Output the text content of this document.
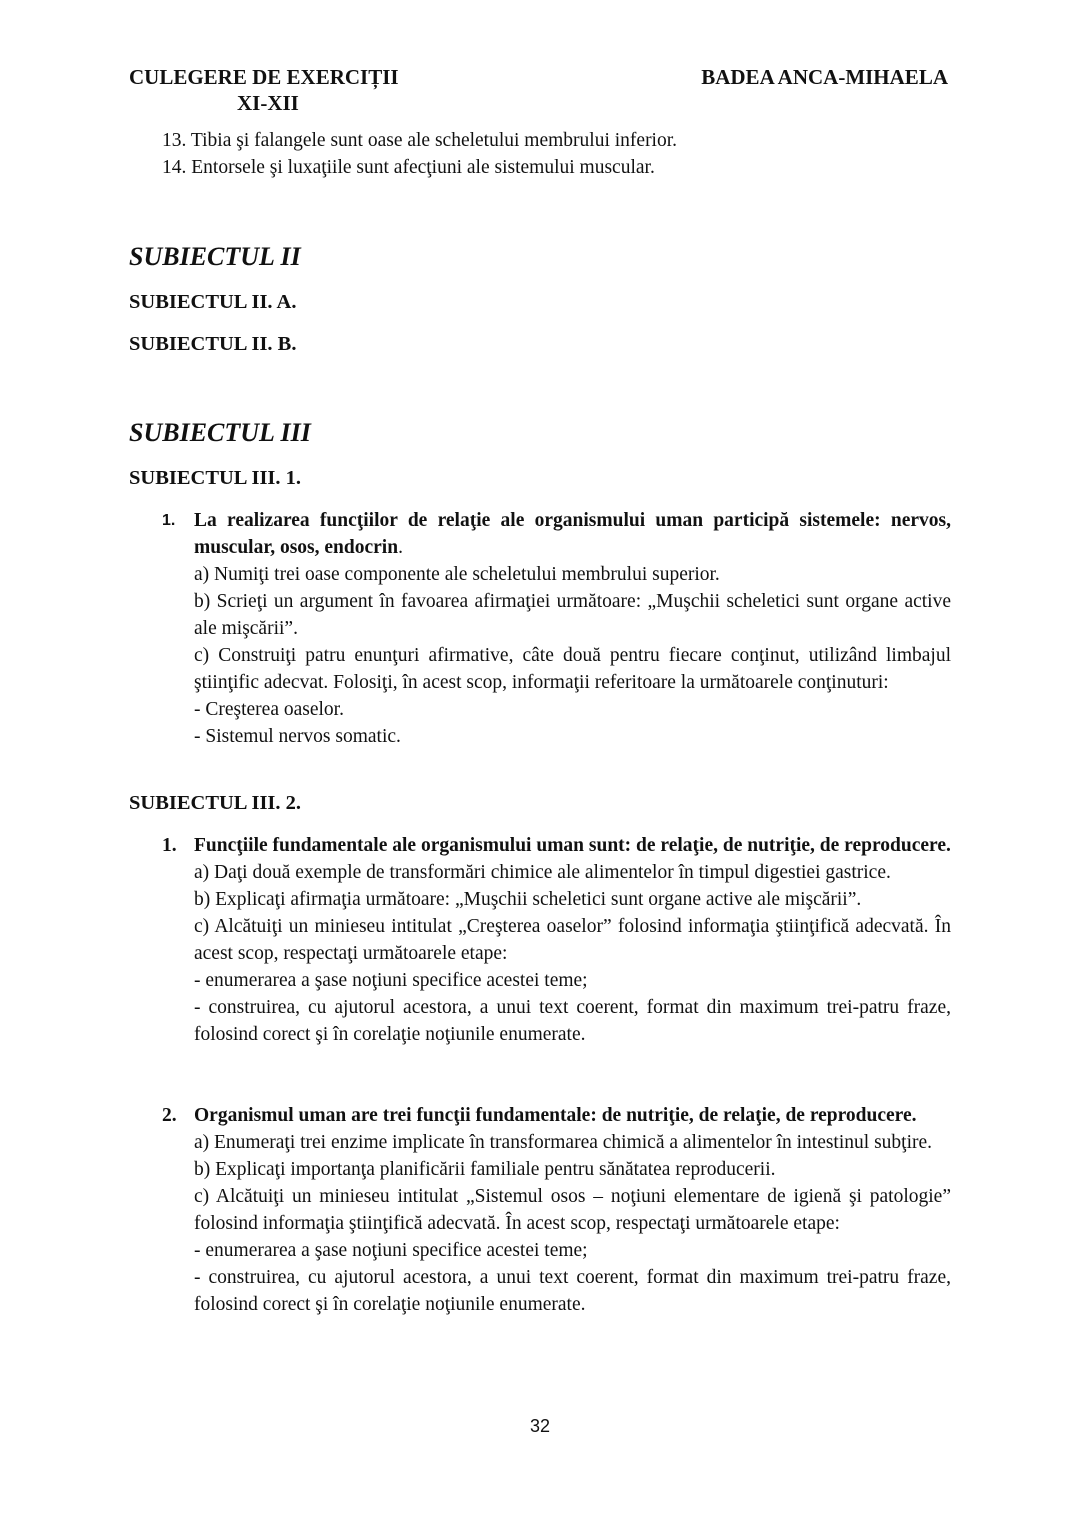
CULEGERE DE EXERCIȚII
XI-XII
BADEA ANCA-MIHAELA
13. Tibia şi falangele sunt oase ale scheletului membrului inferior.
14. Entorsele şi luxaţiile sunt afecţiuni ale sistemului muscular.
SUBIECTUL II
SUBIECTUL II. A.
SUBIECTUL II. B.
SUBIECTUL III
SUBIECTUL III. 1.
1. La realizarea funcţiilor de relaţie ale organismului uman participă sistemele: nervos, muscular, osos, endocrin.
a) Numiţi trei oase componente ale scheletului membrului superior.
b) Scrieţi un argument în favoarea afirmaţiei următoare: „Muşchii scheletici sunt organe active ale mişcării”.
c) Construiţi patru enunţuri afirmative, câte două pentru fiecare conţinut, utilizând limbajul ştiinţific adecvat. Folosiţi, în acest scop, informaţii referitoare la următoarele conţinuturi:
- Creşterea oaselor.
- Sistemul nervos somatic.
SUBIECTUL III. 2.
1. Funcţiile fundamentale ale organismului uman sunt: de relaţie, de nutriţie, de reproducere.
a) Daţi două exemple de transformări chimice ale alimentelor în timpul digestiei gastrice.
b) Explicaţi afirmaţia următoare: „Muşchii scheletici sunt organe active ale mişcării”.
c) Alcătuiţi un minieseu intitulat „Creşterea oaselor” folosind informaţia ştiinţifică adecvată. În acest scop, respectaţi următoarele etape:
- enumerarea a şase noţiuni specifice acestei teme;
- construirea, cu ajutorul acestora, a unui text coerent, format din maximum trei-patru fraze, folosind corect şi în corelaţie noţiunile enumerate.
2. Organismul uman are trei funcţii fundamentale: de nutriţie, de relaţie, de reproducere.
a) Enumeraţi trei enzime implicate în transformarea chimică a alimentelor în intestinul subţire.
b) Explicaţi importanţa planificării familiale pentru sănătatea reproducerii.
c) Alcătuiţi un minieseu intitulat „Sistemul osos – noţiuni elementare de igienă şi patologie” folosind informaţia ştiinţifică adecvată. În acest scop, respectaţi următoarele etape:
- enumerarea a şase noţiuni specifice acestei teme;
- construirea, cu ajutorul acestora, a unui text coerent, format din maximum trei-patru fraze, folosind corect şi în corelaţie noţiunile enumerate.
32
